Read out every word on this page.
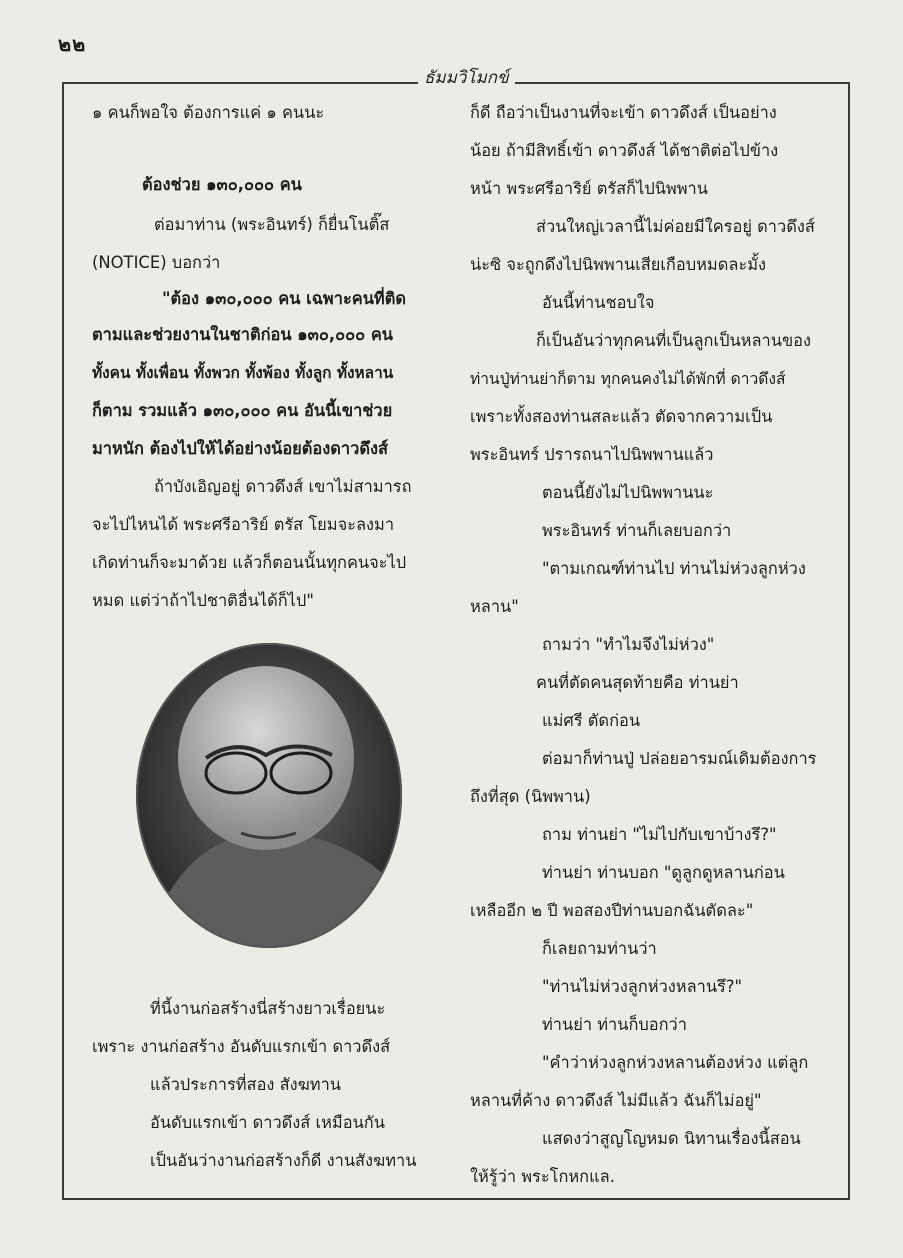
๒๒
ธัมมวิโมกข์
๑ คนก็พอใจ ต้องการแค่ ๑ คนนะ
ต้องช่วย ๑๓๐,๐๐๐ คน
ต่อมาท่าน (พระอินทร์) ก็ยื่นโนติ๊ส
(NOTICE) บอกว่า
"ต้อง ๑๓๐,๐๐๐ คน เฉพาะคนที่ติด
ตามและช่วยงานในชาติก่อน ๑๓๐,๐๐๐ คน
ทั้งคน ทั้งเพื่อน ทั้งพวก ทั้งพ้อง ทั้งลูก ทั้งหลาน
ก็ตาม รวมแล้ว ๑๓๐,๐๐๐ คน อันนี้เขาช่วย
มาหนัก ต้องไปให้ได้อย่างน้อยต้องดาวดึงส์
ถ้าบังเอิญอยู่ ดาวดึงส์ เขาไม่สามารถ
จะไปไหนได้ พระศรีอาริย์ ตรัส โยมจะลงมา
เกิดท่านก็จะมาด้วย แล้วก็ตอนนั้นทุกคนจะไป
หมด แต่ว่าถ้าไปชาติอื่นได้ก็ไป"
ที่นี้งานก่อสร้างนี่สร้างยาวเรื่อยนะ
เพราะ งานก่อสร้าง อันดับแรกเข้า ดาวดึงส์
แล้วประการที่สอง สังฆทาน
อันดับแรกเข้า ดาวดึงส์ เหมือนกัน
เป็นอันว่างานก่อสร้างก็ดี งานสังฆทาน
ก็ดี ถือว่าเป็นงานที่จะเข้า ดาวดึงส์ เป็นอย่าง
น้อย ถ้ามีสิทธิ์เข้า ดาวดึงส์ ได้ชาติต่อไปข้าง
หน้า พระศรีอาริย์ ตรัสก็ไปนิพพาน
ส่วนใหญ่เวลานี้ไม่ค่อยมีใครอยู่ ดาวดึงส์
น่ะซิ จะถูกดึงไปนิพพานเสียเกือบหมดละมั้ง
อันนี้ท่านชอบใจ
ก็เป็นอันว่าทุกคนที่เป็นลูกเป็นหลานของ
ท่านปู่ท่านย่าก็ตาม ทุกคนคงไม่ได้พักที่ ดาวดึงส์
เพราะทั้งสองท่านสละแล้ว ตัดจากความเป็น
พระอินทร์ ปรารถนาไปนิพพานแล้ว
ตอนนี้ยังไม่ไปนิพพานนะ
พระอินทร์ ท่านก็เลยบอกว่า
"ตามเกณฑ์ท่านไป ท่านไม่ห่วงลูกห่วง
หลาน"
ถามว่า "ทำไมจึงไม่ห่วง"
คนที่ตัดคนสุดท้ายคือ ท่านย่า
แม่ศรี ตัดก่อน
ต่อมาก็ท่านปู่ ปล่อยอารมณ์เดิมต้องการ
ถึงที่สุด (นิพพาน)
ถาม ท่านย่า "ไม่ไปกับเขาบ้างรึ?"
ท่านย่า ท่านบอก "ดูลูกดูหลานก่อน
เหลืออีก ๒ ปี พอสองปีท่านบอกฉันตัดละ"
ก็เลยถามท่านว่า
"ท่านไม่ห่วงลูกห่วงหลานรึ?"
ท่านย่า ท่านก็บอกว่า
"คำว่าห่วงลูกห่วงหลานต้องห่วง แต่ลูก
หลานที่ค้าง ดาวดึงส์ ไม่มีแล้ว ฉันก็ไม่อยู่"
แสดงว่าสูญโญหมด นิทานเรื่องนี้สอน
ให้รู้ว่า พระโกหกแล.
